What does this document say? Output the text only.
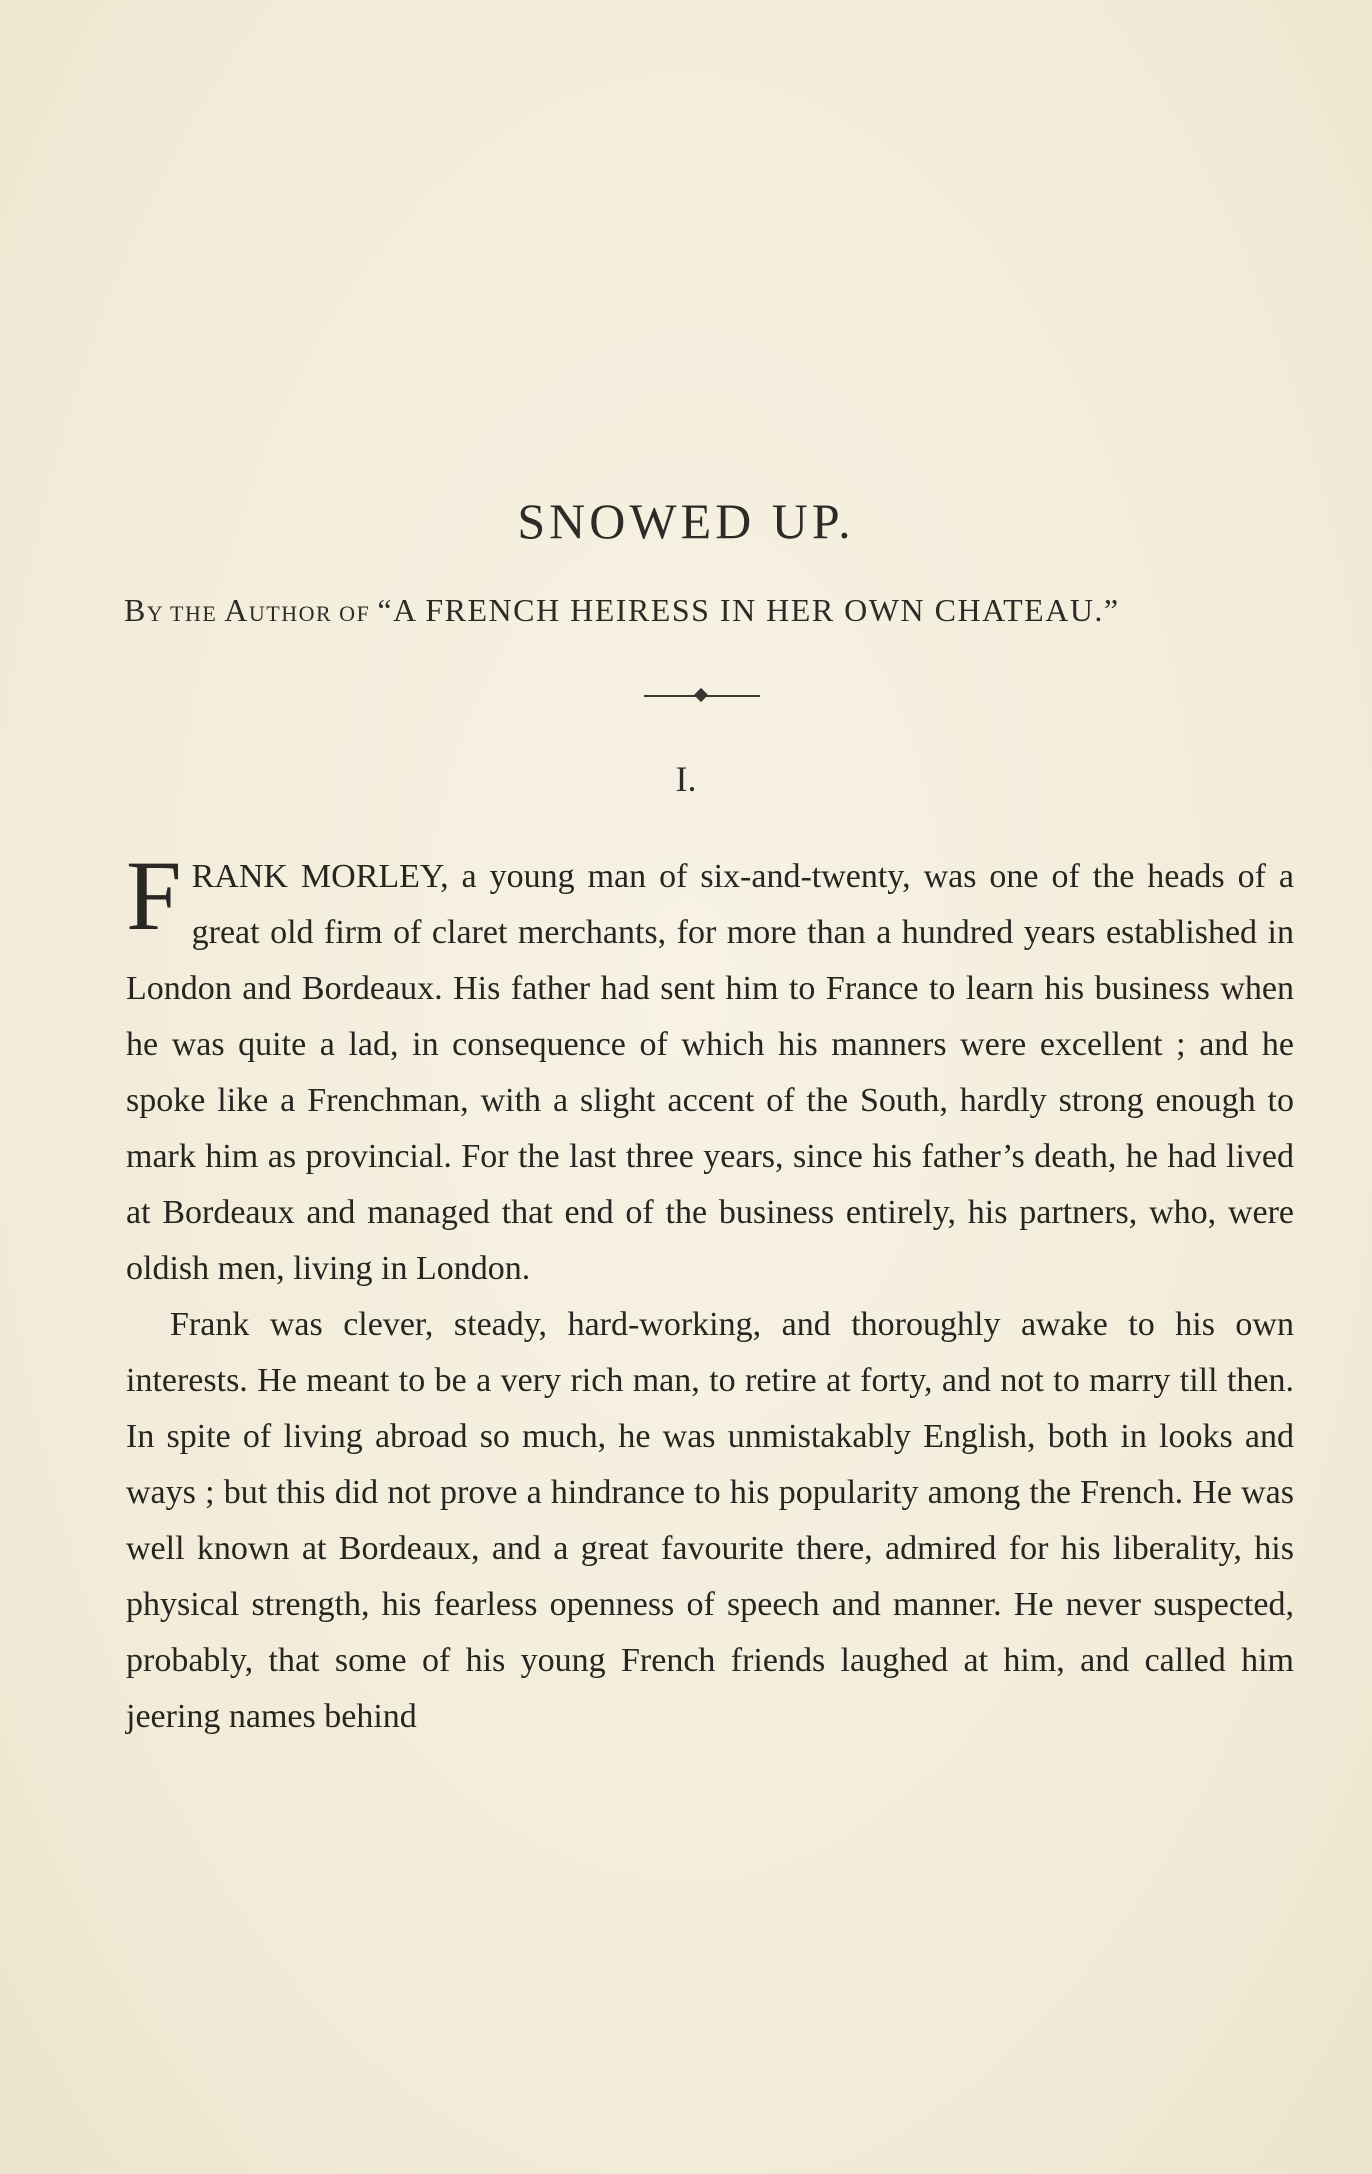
SNOWED UP.
BY THE AUTHOR OF “A FRENCH HEIRESS IN HER OWN CHATEAU.”
I.

FRANK MORLEY, a young man of six-and-twenty, was one of the heads of a great old firm of claret merchants, for more than a hundred years established in London and Bordeaux. His father had sent him to France to learn his business when he was quite a lad, in consequence of which his manners were excellent ; and he spoke like a Frenchman, with a slight accent of the South, hardly strong enough to mark him as provincial. For the last three years, since his father’s death, he had lived at Bordeaux and managed that end of the business entirely, his partners, who, were oldish men, living in London.

Frank was clever, steady, hard-working, and thoroughly awake to his own interests. He meant to be a very rich man, to retire at forty, and not to marry till then. In spite of living abroad so much, he was unmistakably English, both in looks and ways ; but this did not prove a hindrance to his popularity among the French. He was well known at Bordeaux, and a great favourite there, admired for his liberality, his physical strength, his fearless openness of speech and manner. He never suspected, probably, that some of his young French friends laughed at him, and called him jeering names behind
